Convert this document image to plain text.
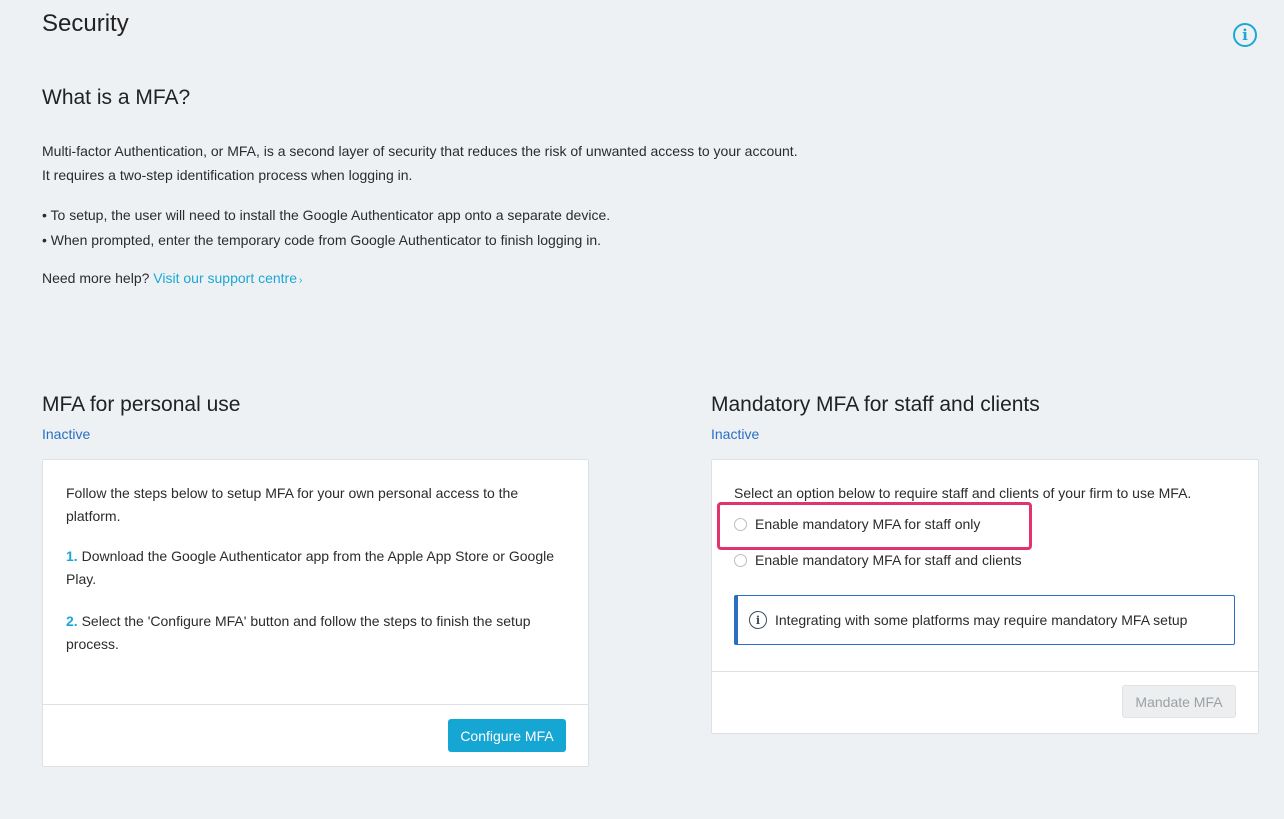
Security	i
What is a MFA?
Multi-factor Authentication, or MFA, is a second layer of security that reduces the risk of unwanted access to your account.
It requires a two-step identification process when logging in.
• To setup, the user will need to install the Google Authenticator app onto a separate device.
• When prompted, enter the temporary code from Google Authenticator to finish logging in.
Need more help? Visit our support centre ›
MFA for personal use
Inactive

Follow the steps below to setup MFA for your own personal access to the platform.

1. Download the Google Authenticator app from the Apple App Store or Google Play.

2. Select the 'Configure MFA' button and follow the steps to finish the setup process.

Configure MFA
Mandatory MFA for staff and clients
Inactive

Select an option below to require staff and clients of your firm to use MFA.

Mandate MFA
Enable mandatory MFA for staff only
Enable mandatory MFA for staff and clients
i	Integrating with some platforms may require mandatory MFA setup
